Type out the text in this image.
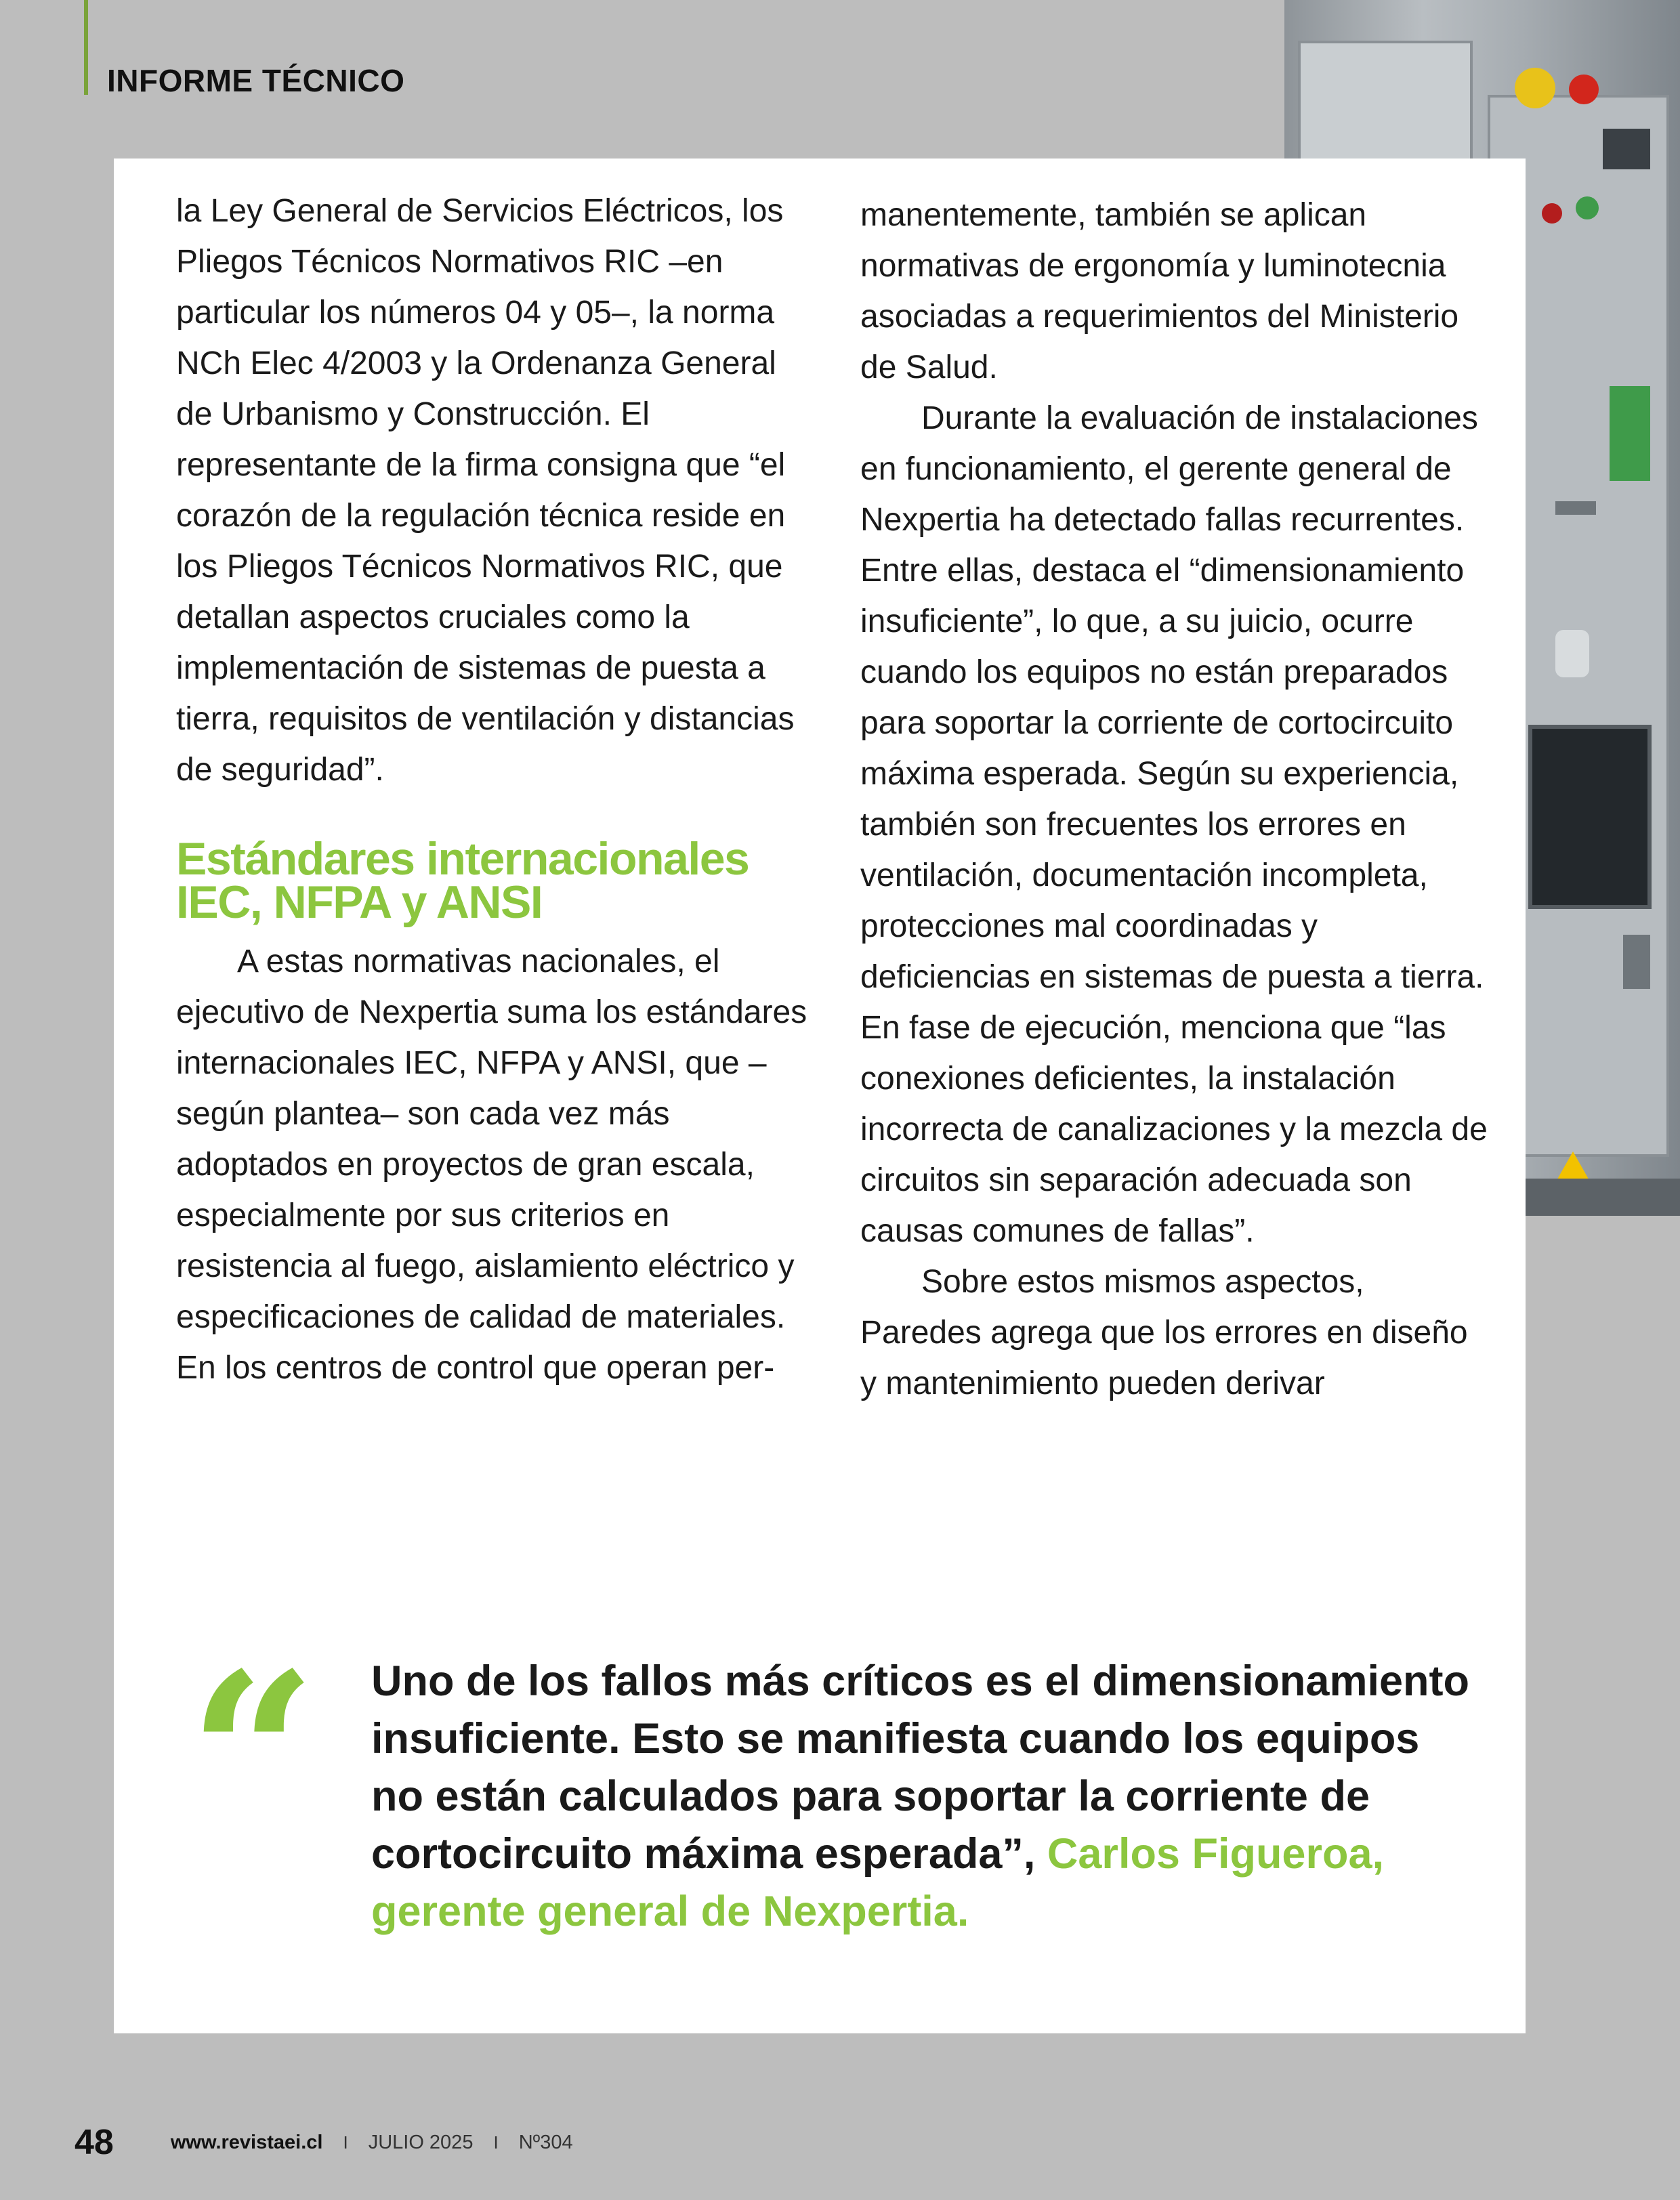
INFORME TÉCNICO

la Ley General de Servicios Eléctricos, los Pliegos Técnicos Normativos RIC –en particular los números 04 y 05–, la norma NCh Elec 4/2003 y la Ordenanza General de Urbanismo y Construcción. El representante de la firma consigna que “el corazón de la regulación técnica reside en los Pliegos Técnicos Normativos RIC, que detallan aspectos cruciales como la implementación de sistemas de puesta a tierra, requisitos de ventilación y distancias de seguridad”.

Estándares internacionales IEC, NFPA y ANSI

A estas normativas nacionales, el ejecutivo de Nexpertia suma los estándares internacionales IEC, NFPA y ANSI, que –según plantea– son cada vez más adoptados en proyectos de gran escala, especialmente por sus criterios en resistencia al fuego, aislamiento eléctrico y especificaciones de calidad de materiales. En los centros de control que operan per-

manentemente, también se aplican normativas de ergonomía y luminotecnia asociadas a requerimientos del Ministerio de Salud.

Durante la evaluación de instalaciones en funcionamiento, el gerente general de Nexpertia ha detectado fallas recurrentes. Entre ellas, destaca el “dimensionamiento insuficiente”, lo que, a su juicio, ocurre cuando los equipos no están preparados para soportar la corriente de cortocircuito máxima esperada. Según su experiencia, también son frecuentes los errores en ventilación, documentación incompleta, protecciones mal coordinadas y deficiencias en sistemas de puesta a tierra. En fase de ejecución, menciona que “las conexiones deficientes, la instalación incorrecta de canalizaciones y la mezcla de circuitos sin separación adecuada son causas comunes de fallas”.

Sobre estos mismos aspectos, Paredes agrega que los errores en diseño y mantenimiento pueden derivar

“ Uno de los fallos más críticos es el dimensionamiento insuficiente. Esto se manifiesta cuando los equipos no están calculados para soportar la corriente de cortocircuito máxima esperada”, Carlos Figueroa, gerente general de Nexpertia.
48	www.revistaei.cl I JULIO 2025 I Nº304
